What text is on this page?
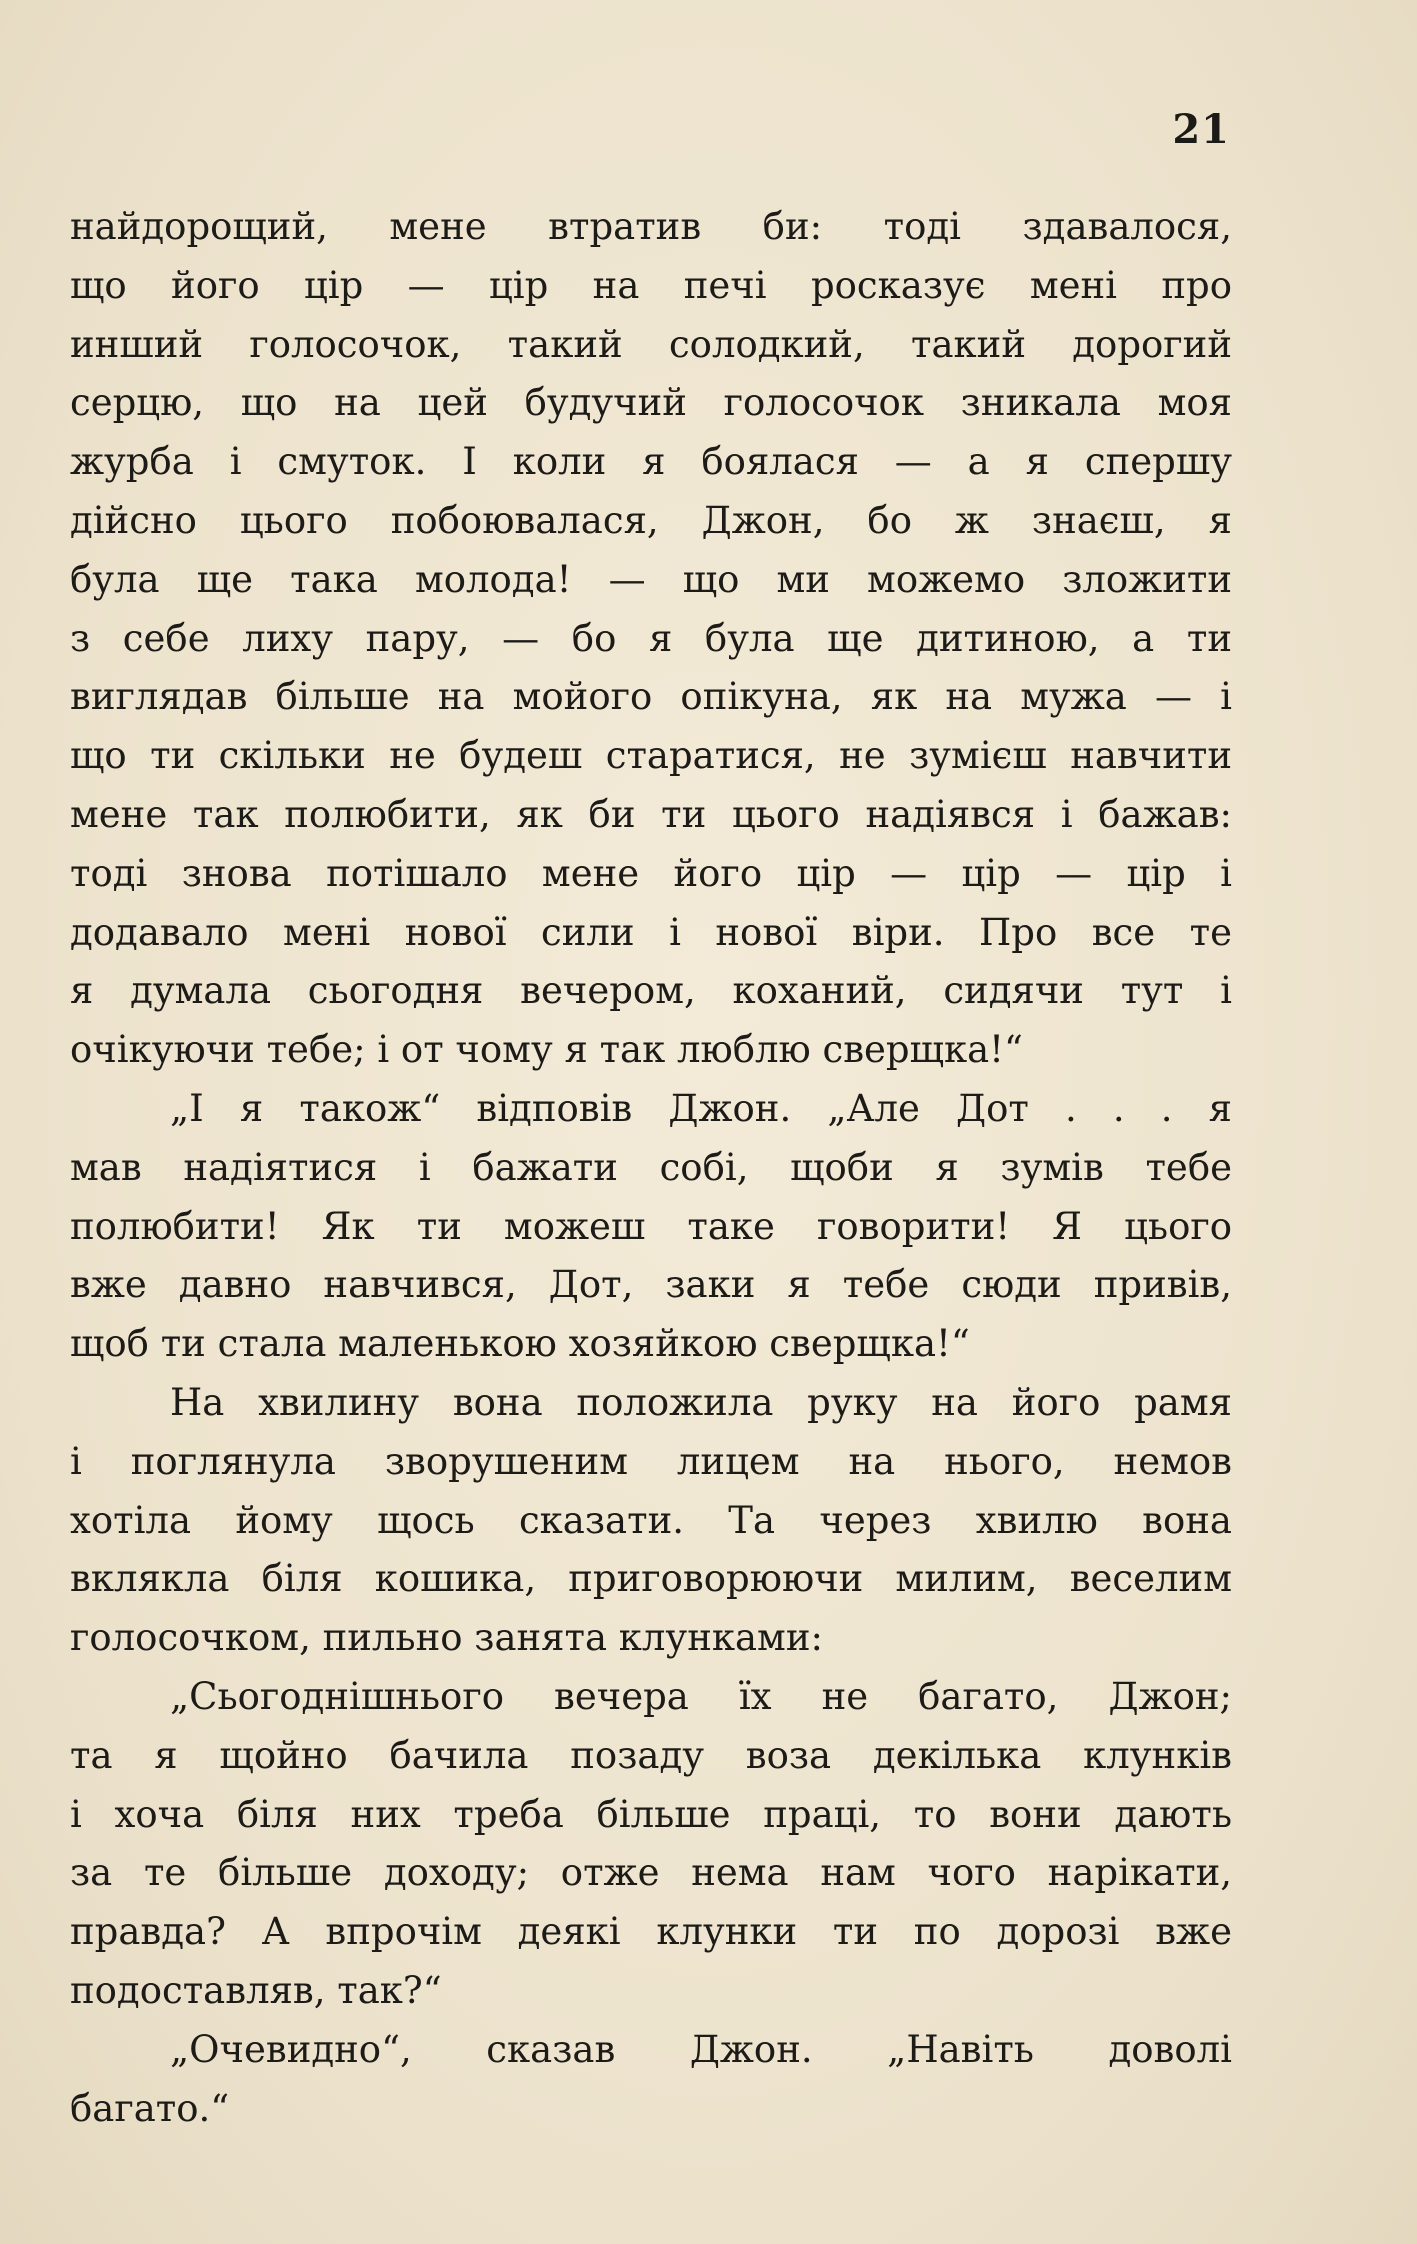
21
найдорощий, мене втратив би: тоді здавалося,
що його цір — цір на печі росказує мені про
инший голосочок, такий солодкий, такий дорогий
серцю, що на цей будучий голосочок зникала моя
журба і смуток. І коли я боялася — а я спершу
дійсно цього побоювалася, Джон, бо ж знаєш, я
була ще така молода! — що ми можемо зложити
з себе лиху пару, — бо я була ще дитиною, а ти
виглядав більше на мойого опікуна, як на мужа — і
що ти скільки не будеш старатися, не зумієш навчити
мене так полюбити, як би ти цього надіявся і бажав:
тоді знова потішало мене його цір — цір — цір і
додавало мені нової сили і нової віри. Про все те
я думала сьогодня вечером, коханий, сидячи тут і
очікуючи тебе; і от чому я так люблю сверщка!“
„І я також“ відповів Джон. „Але Дот . . . я
мав надіятися і бажати собі, щоби я зумів тебе
полюбити! Як ти можеш таке говорити! Я цього
вже давно навчився, Дот, заки я тебе сюди привів,
щоб ти стала маленькою хозяйкою сверщка!“
На хвилину вона положила руку на його рамя
і поглянула зворушеним лицем на нього, немов
хотіла йому щось сказати. Та через хвилю вона
вклякла біля кошика, приговорюючи милим, веселим
голосочком, пильно занята клунками:
„Сьогоднішнього вечера їх не багато, Джон;
та я щойно бачила позаду воза декілька клунків
і хоча біля них треба більше праці, то вони дають
за те більше доходу; отже нема нам чого нарікати,
правда? А впрочім деякі клунки ти по дорозі вже
подоставляв, так?“
„Очевидно“, сказав Джон. „Навіть доволі
багато.“
